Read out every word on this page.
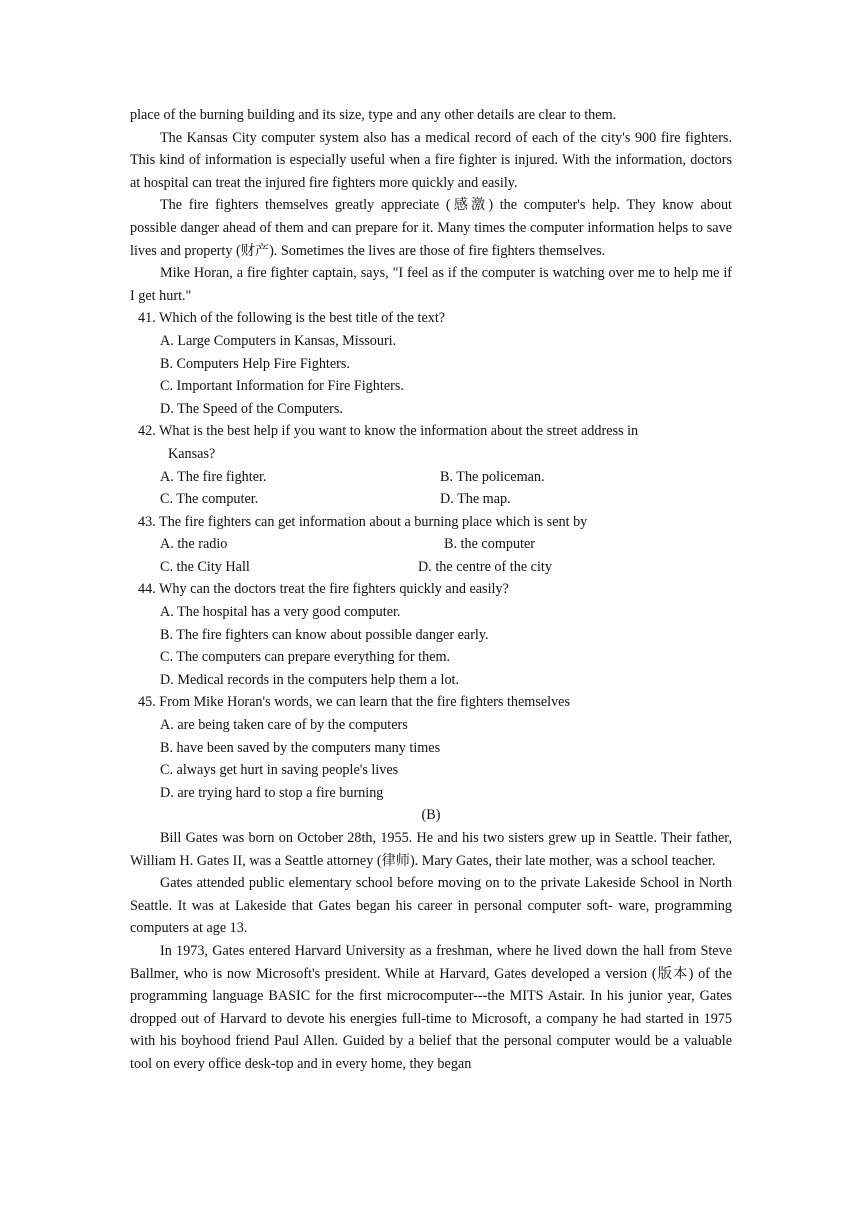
place of the burning building and its size, type and any other details are clear to them.

The Kansas City computer system also has a medical record of each of the city's 900 fire fighters. This kind of information is especially useful when a fire fighter is injured. With the information, doctors at hospital can treat the injured fire fighters more quickly and easily.

The fire fighters themselves greatly appreciate (感激) the computer's help. They know about possible danger ahead of them and can prepare for it. Many times the computer information helps to save lives and property (财产). Sometimes the lives are those of fire fighters themselves.

Mike Horan, a fire fighter captain, says, "I feel as if the computer is watching over me to help me if I get hurt."

41. Which of the following is the best title of the text?

A. Large Computers in Kansas, Missouri.

B. Computers Help Fire Fighters.

C. Important Information for Fire Fighters.

D. The Speed of the Computers.

42. What is the best help if you want to know the information about the street address in

Kansas?

A. The fire fighter.	B. The policeman.

C. The computer.	D. The map.

43. The fire fighters can get information about a burning place which is sent by

A. the radio	B. the computer

C. the City Hall	D. the centre of the city

44. Why can the doctors treat the fire fighters quickly and easily?

A. The hospital has a very good computer.

B. The fire fighters can know about possible danger early.

C. The computers can prepare everything for them.

D. Medical records in the computers help them a lot.

45. From Mike Horan's words, we can learn that the fire fighters themselves

A. are being taken care of by the computers

B. have been saved by the computers many times

C. always get hurt in saving people's lives

D. are trying hard to stop a fire burning

(B)

Bill Gates was born on October 28th, 1955. He and his two sisters grew up in Seattle. Their father, William H. Gates II, was a Seattle attorney (律师). Mary Gates, their late mother, was a school teacher.

Gates attended public elementary school before moving on to the private Lakeside School in North Seattle. It was at Lakeside that Gates began his career in personal computer soft- ware, programming computers at age 13.

In 1973, Gates entered Harvard University as a freshman, where he lived down the hall from Steve Ballmer, who is now Microsoft's president. While at Harvard, Gates developed a version (版本) of the programming language BASIC for the first microcomputer---the MITS Astair. In his junior year, Gates dropped out of Harvard to devote his energies full-time to Microsoft, a company he had started in 1975 with his boyhood friend Paul Allen. Guided by a belief that the personal computer would be a valuable tool on every office desk-top and in every home, they began
